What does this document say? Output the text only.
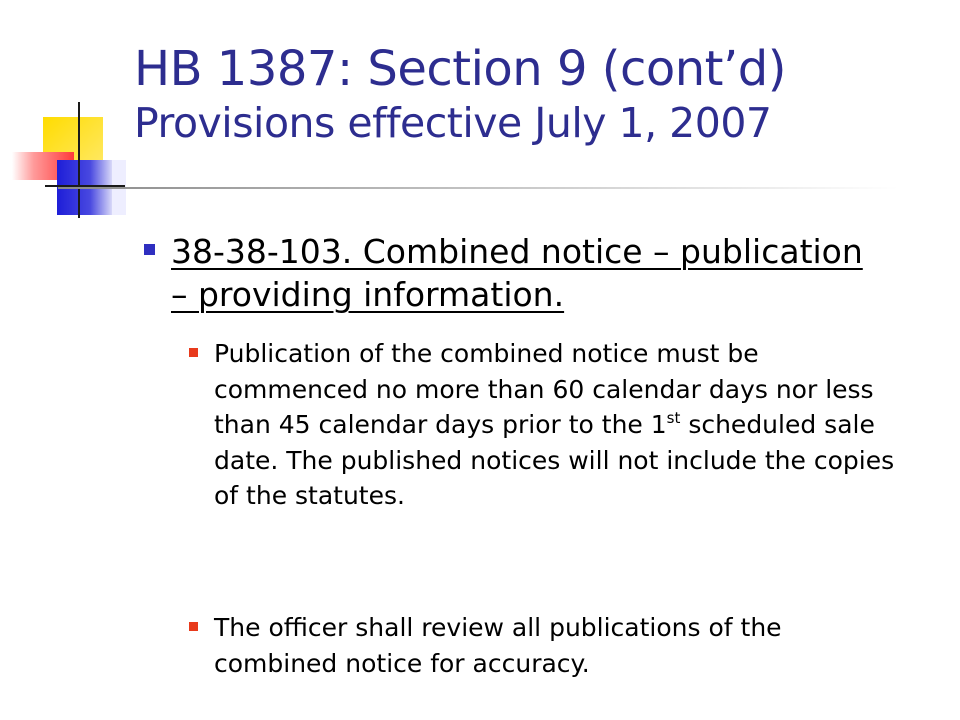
HB 1387: Section 9 (cont’d)
Provisions effective July 1, 2007
38-38-103. Combined notice – publication – providing information.
Publication of the combined notice must be commenced no more than 60 calendar days nor less than 45 calendar days prior to the 1st scheduled sale date. The published notices will not include the copies of the statutes.
The officer shall review all publications of the combined notice for accuracy.
